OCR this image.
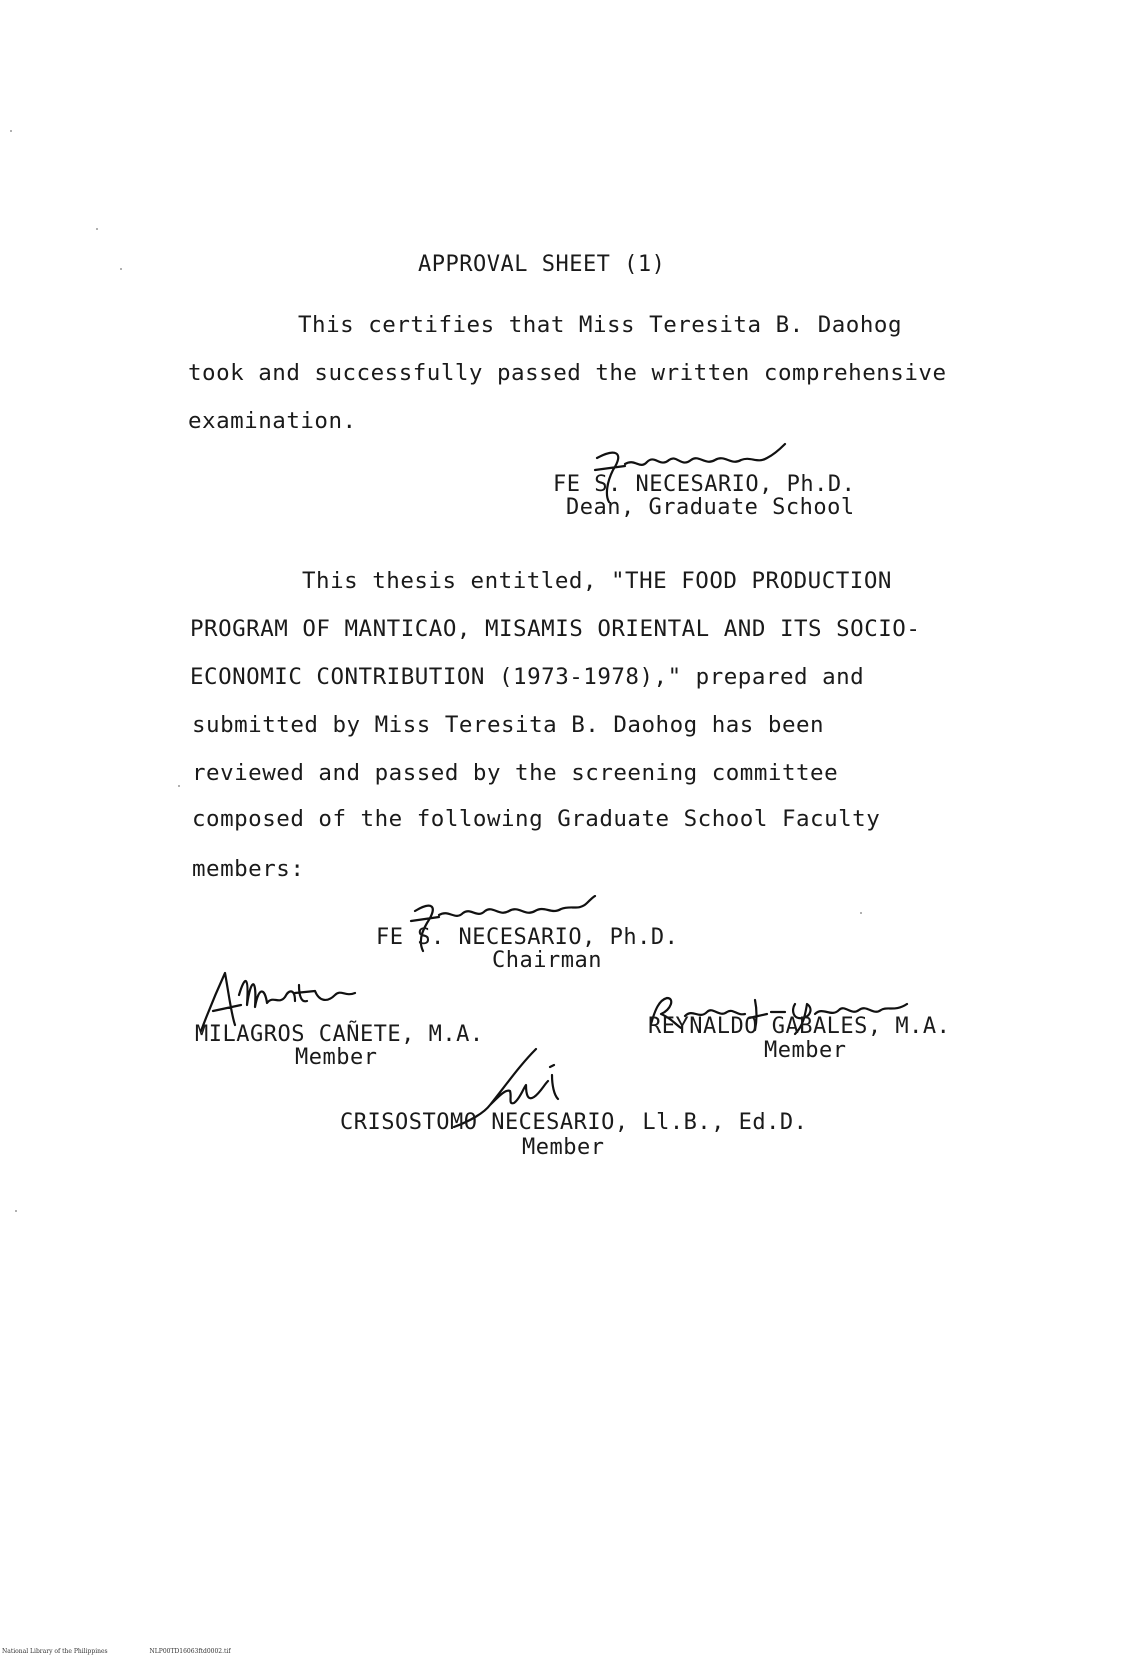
APPROVAL SHEET (1)
This certifies that Miss Teresita B. Daohog
took and successfully passed the written comprehensive
examination.
FE S. NECESARIO, Ph.D.
Dean, Graduate School
This thesis entitled, "THE FOOD PRODUCTION
PROGRAM OF MANTICAO, MISAMIS ORIENTAL AND ITS SOCIO-
ECONOMIC CONTRIBUTION (1973-1978)," prepared and
submitted by Miss Teresita B. Daohog has been
reviewed and passed by the screening committee
composed of the following Graduate School Faculty
members:
FE S. NECESARIO, Ph.D.
Chairman
MILAGROS CAÑETE, M.A.
Member
REYNALDO GABALES, M.A.
Member
CRISOSTOMO NECESARIO, Ll.B., Ed.D.
Member
National Library of the Philippines	NLP00TD16063ftd0002.tif
